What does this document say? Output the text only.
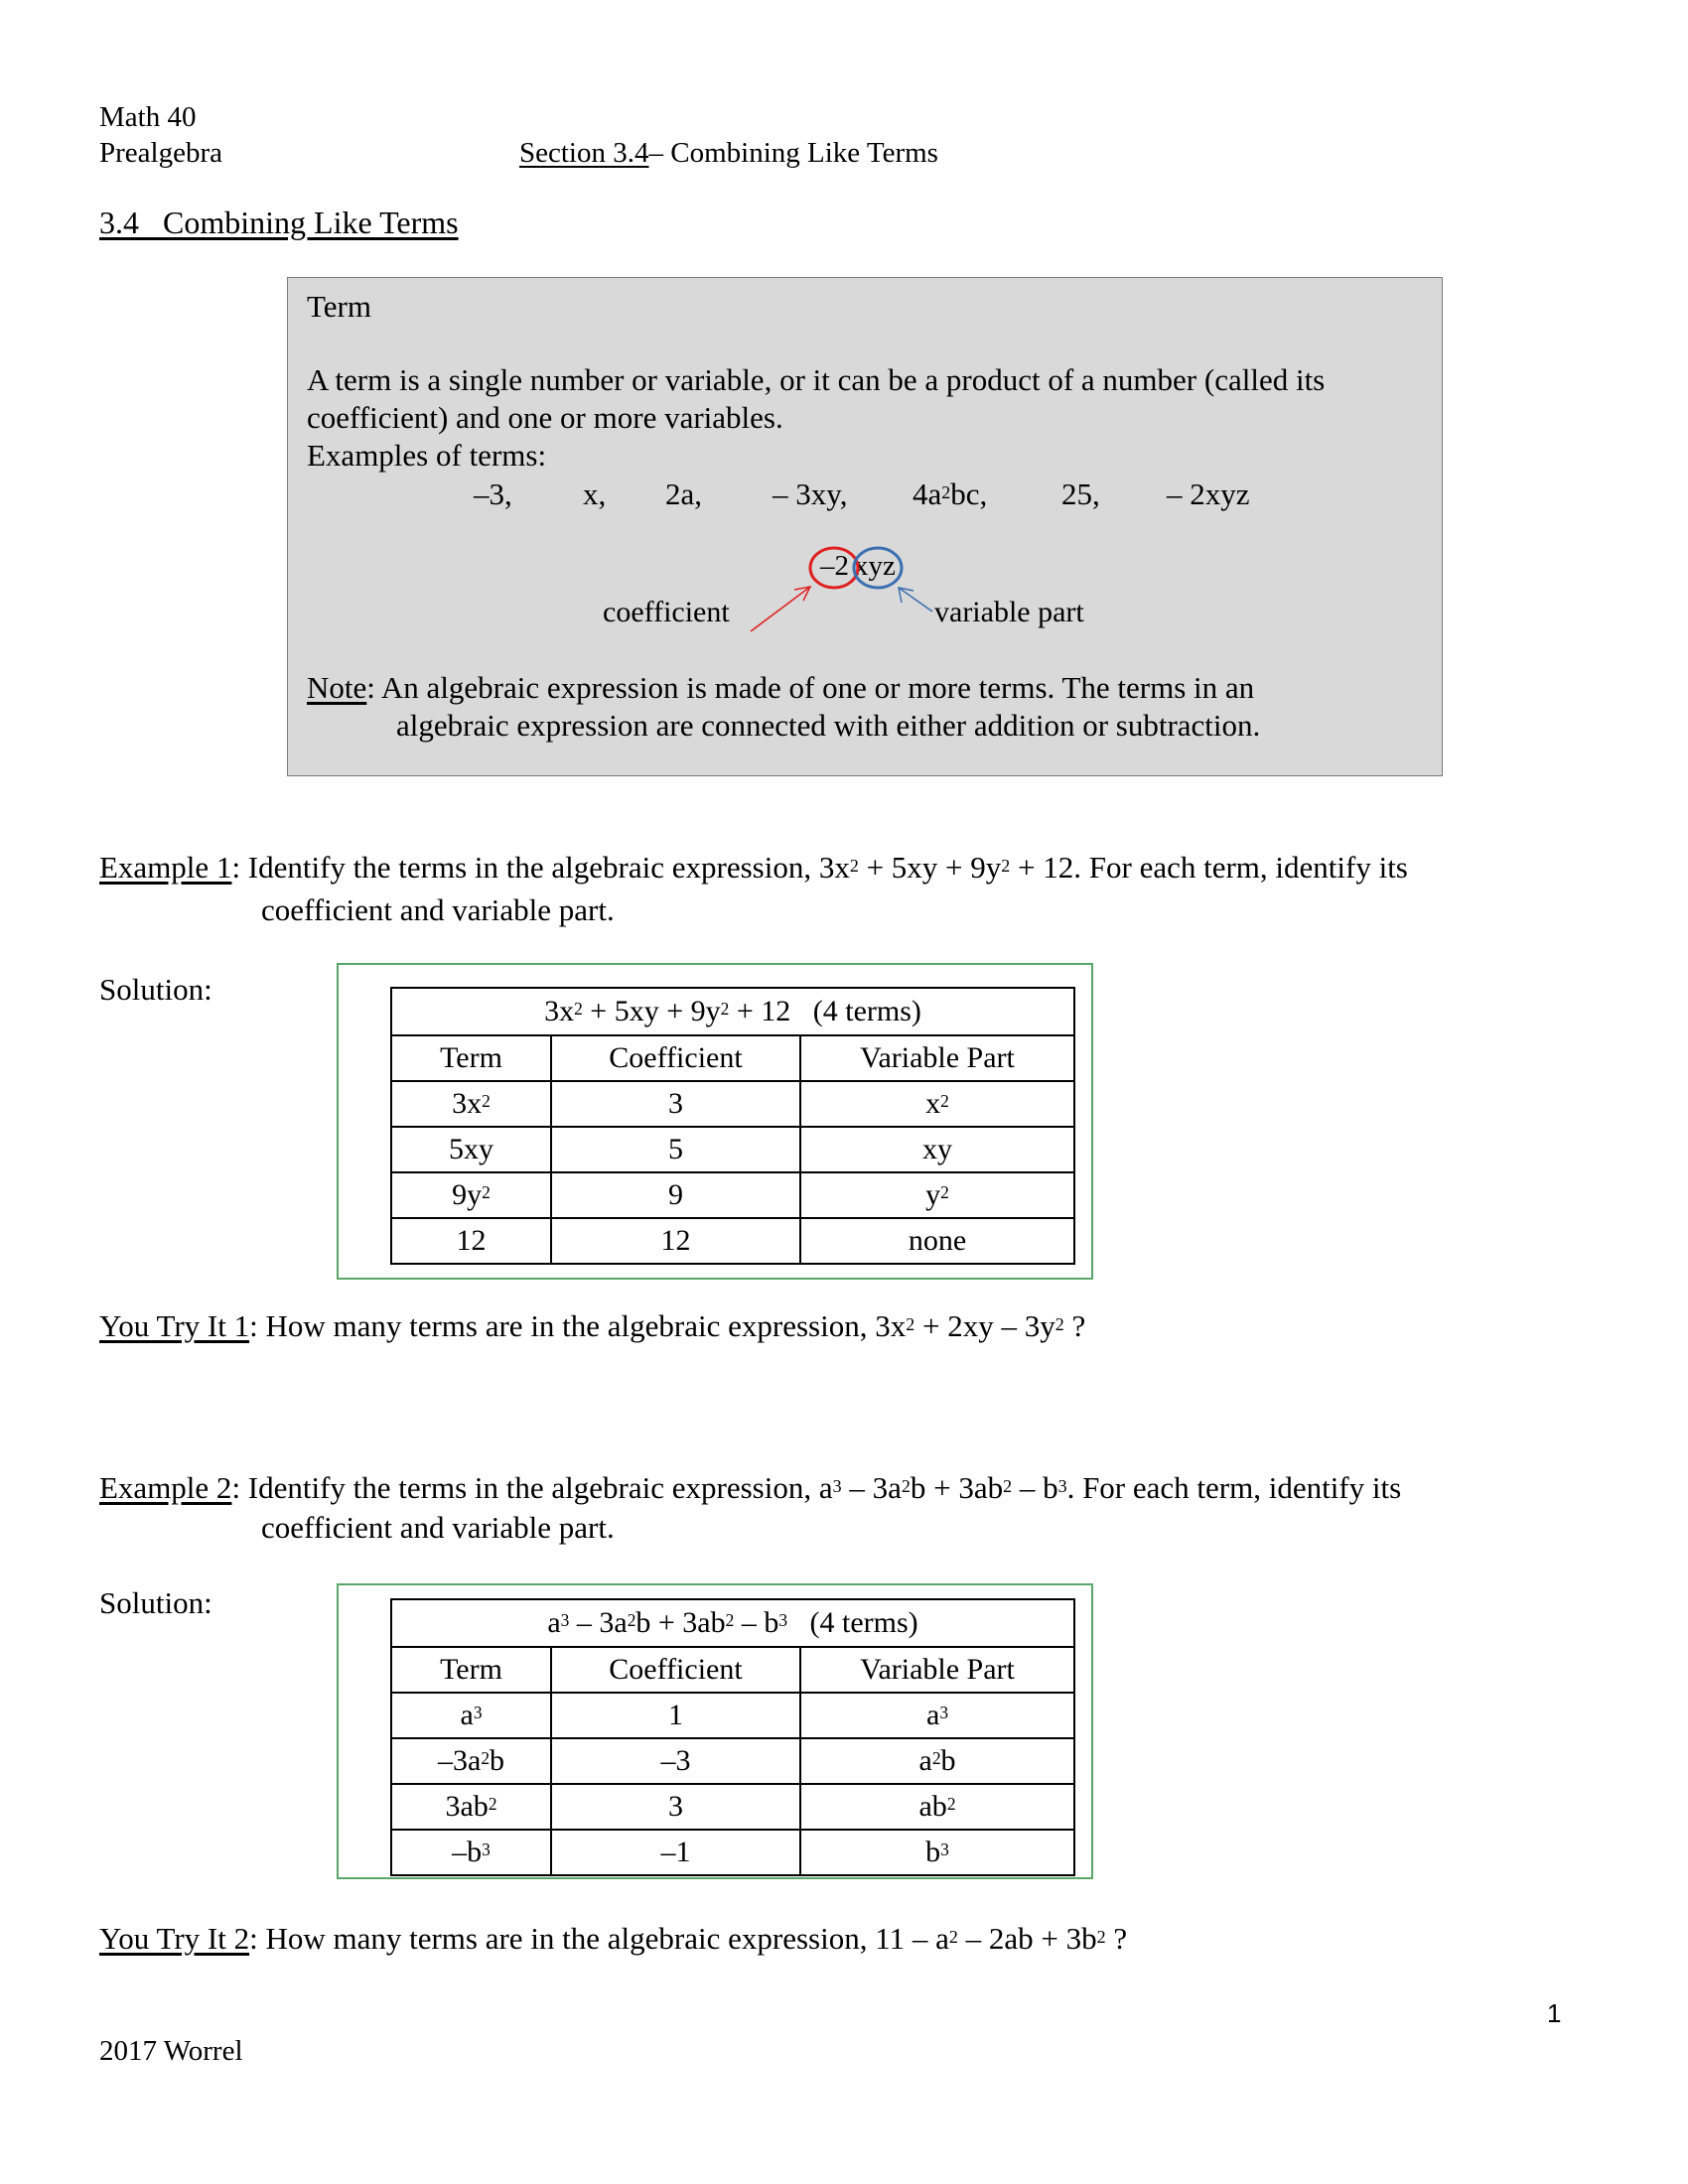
Math 40
Prealgebra	Section 3.4– Combining Like Terms
3.4   Combining Like Terms
Term
A term is a single number or variable, or it can be a product of a number (called its
coefficient) and one or more variables.
Examples of terms:
–3, x, 2a, – 3xy, $4a^2bc$, 25, – 2xyz
–2 xyz
coefficient	variable part
Note: An algebraic expression is made of one or more terms. The terms in an
algebraic expression are connected with either addition or subtraction.
Example 1: Identify the terms in the algebraic expression, $3x^2 + 5xy + 9y^2 + 12$. For each term, identify its
coefficient and variable part.
Solution:
$3x^2 + 5xy + 9y^2 + 12$   (4 terms)		
Term	Coefficient	Variable Part
$3x^2$	3	$x^2$
5xy	5	xy
$9y^2$	9	$y^2$
12	12	none
You Try It 1: How many terms are in the algebraic expression, $3x^2 + 2xy - 3y^2$ ?
Example 2: Identify the terms in the algebraic expression, $a^3 - 3a^2b + 3ab^2 - b^3$. For each term, identify its
coefficient and variable part.
Solution:
$a^3 - 3a^2b + 3ab^2 - b^3$ (4 terms)		
Term	Coefficient	Variable Part
$a^3$	1	$a^3$
$-3a^2b$	–3	$a^2b$
$3ab^2$	3	$ab^2$
$-b^3$	–1	$b^3$
You Try It 2: How many terms are in the algebraic expression, $11 - a^2 - 2ab + 3b^2$ ?
1
2017 Worrel
